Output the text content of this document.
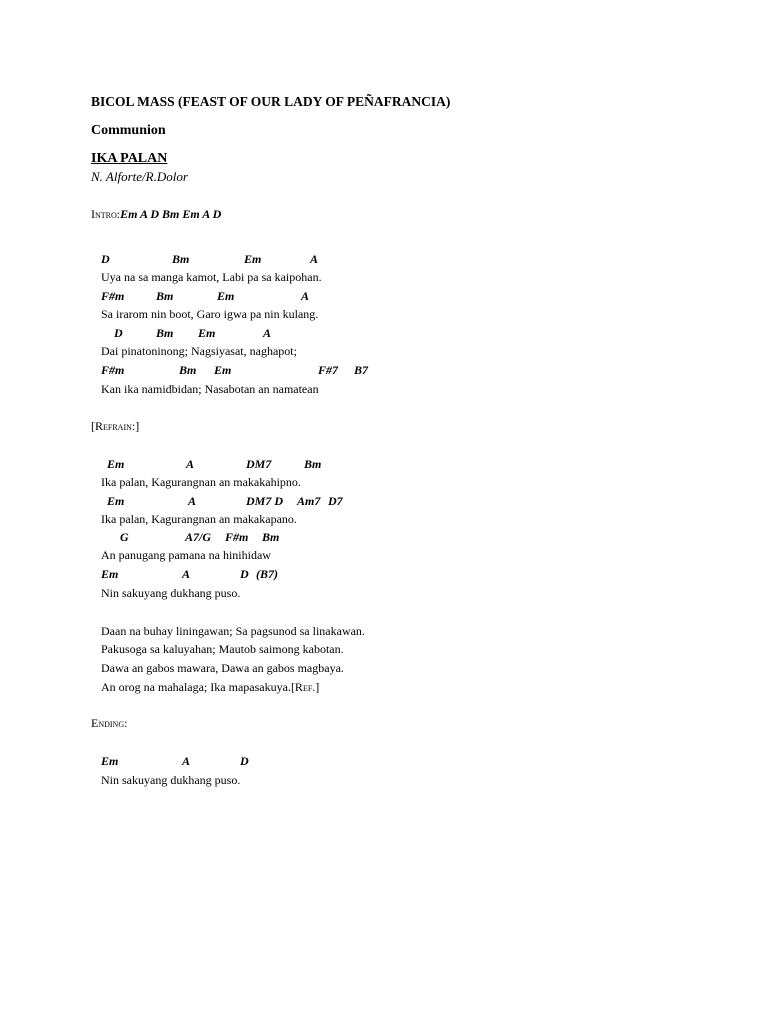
BICOL MASS (FEAST OF OUR LADY OF PEÑAFRANCIA)
Communion
IKA PALAN
N. Alforte/R.Dolor
Intro:Em A D Bm Em A D
D	Bm	Em	A
Uya na sa manga kamot, Labi pa sa kaipohan.
F#m	Bm	Em	A
Sa irarom nin boot, Garo igwa pa nin kulang.
D	Bm Em	A
Dai pinatoninong; Nagsiyasat, naghapot;
F#m	Bm Em	F#7 B7
Kan ika namidbidan; Nasabotan an namatean
[Refrain:]
Em	A	DM7	Bm
Ika palan, Kagurangnan an makakahipno.
Em	A	DM7 D Am7 D7
Ika palan, Kagurangnan an makakapano.
G	A7/G F#m Bm
An panugang pamana na hinihidaw
Em	A	D (B7)
Nin sakuyang dukhang puso.
Daan na buhay liningawan; Sa pagsunod sa linakawan.
Pakusoga sa kaluyahan; Mautob saimong kabotan.
Dawa an gabos mawara, Dawa an gabos magbaya.
An orog na mahalaga; Ika mapasakuya.[Ref.]
Ending:
Em	A	D
Nin sakuyang dukhang puso.
